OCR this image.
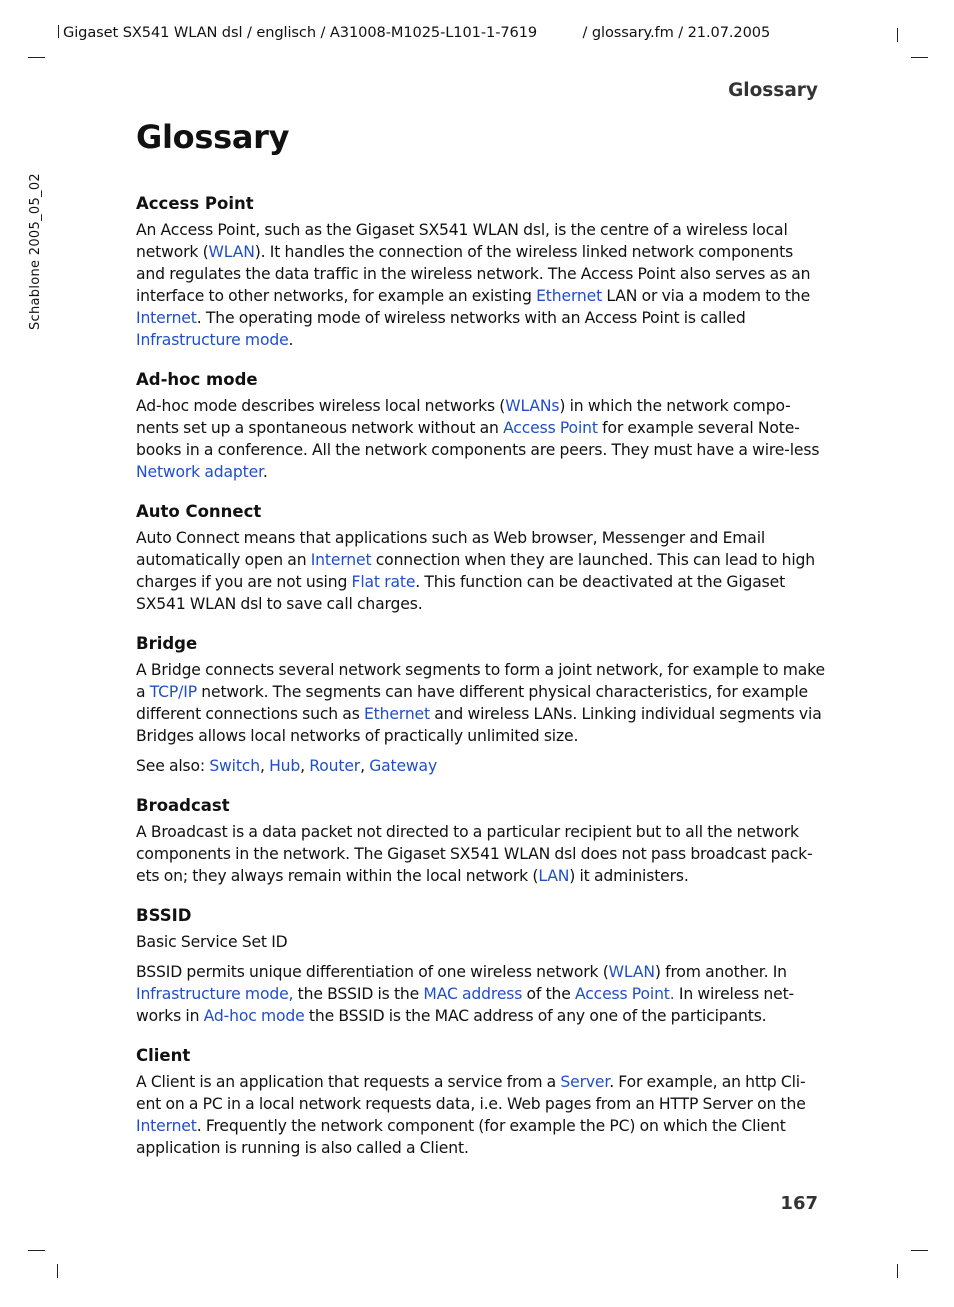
Gigaset SX541 WLAN dsl / englisch / A31008-M1025-L101-1-7619	/ glossary.fm / 21.07.2005
Schablone 2005_05_02
Glossary
Glossary
Access Point

An Access Point, such as the Gigaset SX541 WLAN dsl, is the centre of a wireless local network (WLAN). It handles the connection of the wireless linked network components and regulates the data traffic in the wireless network. The Access Point also serves as an interface to other networks, for example an existing Ethernet LAN or via a modem to the Internet. The operating mode of wireless networks with an Access Point is called Infrastructure mode.

Ad-hoc mode

Ad-hoc mode describes wireless local networks (WLANs) in which the network compo-nents set up a spontaneous network without an Access Point for example several Note-books in a conference. All the network components are peers. They must have a wire-less Network adapter.

Auto Connect

Auto Connect means that applications such as Web browser, Messenger and Email automatically open an Internet connection when they are launched. This can lead to high charges if you are not using Flat rate. This function can be deactivated at the Gigaset SX541 WLAN dsl to save call charges.

Bridge

A Bridge connects several network segments to form a joint network, for example to make a TCP/IP network. The segments can have different physical characteristics, for example different connections such as Ethernet and wireless LANs. Linking individual segments via Bridges allows local networks of practically unlimited size.

See also: Switch, Hub, Router, Gateway

Broadcast

A Broadcast is a data packet not directed to a particular recipient but to all the network components in the network. The Gigaset SX541 WLAN dsl does not pass broadcast pack-ets on; they always remain within the local network (LAN) it administers.

BSSID

Basic Service Set ID

BSSID permits unique differentiation of one wireless network (WLAN) from another. In Infrastructure mode, the BSSID is the MAC address of the Access Point. In wireless net-works in Ad-hoc mode the BSSID is the MAC address of any one of the participants.

Client

A Client is an application that requests a service from a Server. For example, an http Cli-ent on a PC in a local network requests data, i.e. Web pages from an HTTP Server on the Internet. Frequently the network component (for example the PC) on which the Client application is running is also called a Client.

167
